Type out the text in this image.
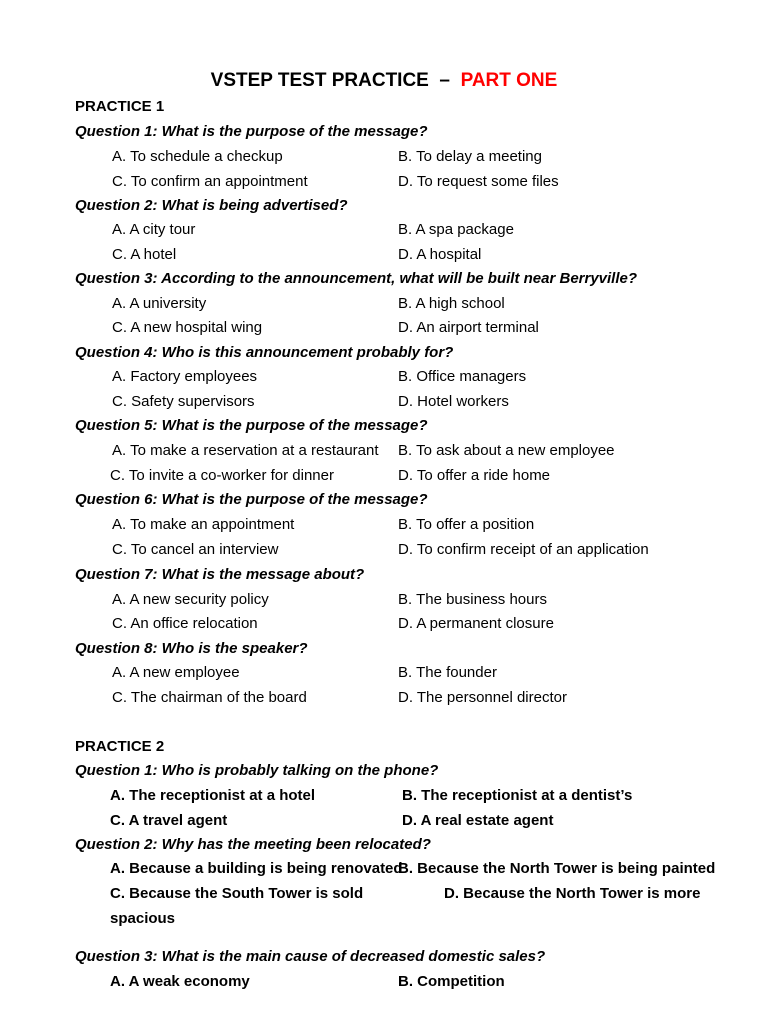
VSTEP TEST PRACTICE – PART ONE
PRACTICE 1
Question 1: What is the purpose of the message?
A. To schedule a checkup	B. To delay a meeting
C. To confirm an appointment	D. To request some files
Question 2: What is being advertised?
A. A city tour	B. A spa package
C. A hotel	D. A hospital
Question 3: According to the announcement, what will be built near Berryville?
A. A university	B. A high school
C. A new hospital wing	D. An airport terminal
Question 4: Who is this announcement probably for?
A. Factory employees	B. Office managers
C. Safety supervisors	D. Hotel workers
Question 5: What is the purpose of the message?
A. To make a reservation at a restaurant B. To ask about a new employee
C. To invite a co-worker for dinner	D. To offer a ride home
Question 6: What is the purpose of the message?
A. To make an appointment	B. To offer a position
C. To cancel an interview	D. To confirm receipt of an application
Question 7: What is the message about?
A. A new security policy	B. The business hours
C. An office relocation	D. A permanent closure
Question 8: Who is the speaker?
A. A new employee	B. The founder
C. The chairman of the board	D. The personnel director
PRACTICE 2
Question 1: Who is probably talking on the phone?
A. The receptionist at a hotel	B. The receptionist at a dentist’s
C. A travel agent	D. A real estate agent
Question 2: Why has the meeting been relocated?
A. Because a building is being renovated
B. Because the North Tower is being painted
C. Because the South Tower is sold	D. Because the North Tower is more
spacious
Question 3: What is the main cause of decreased domestic sales?
A. A weak economy	B. Competition
